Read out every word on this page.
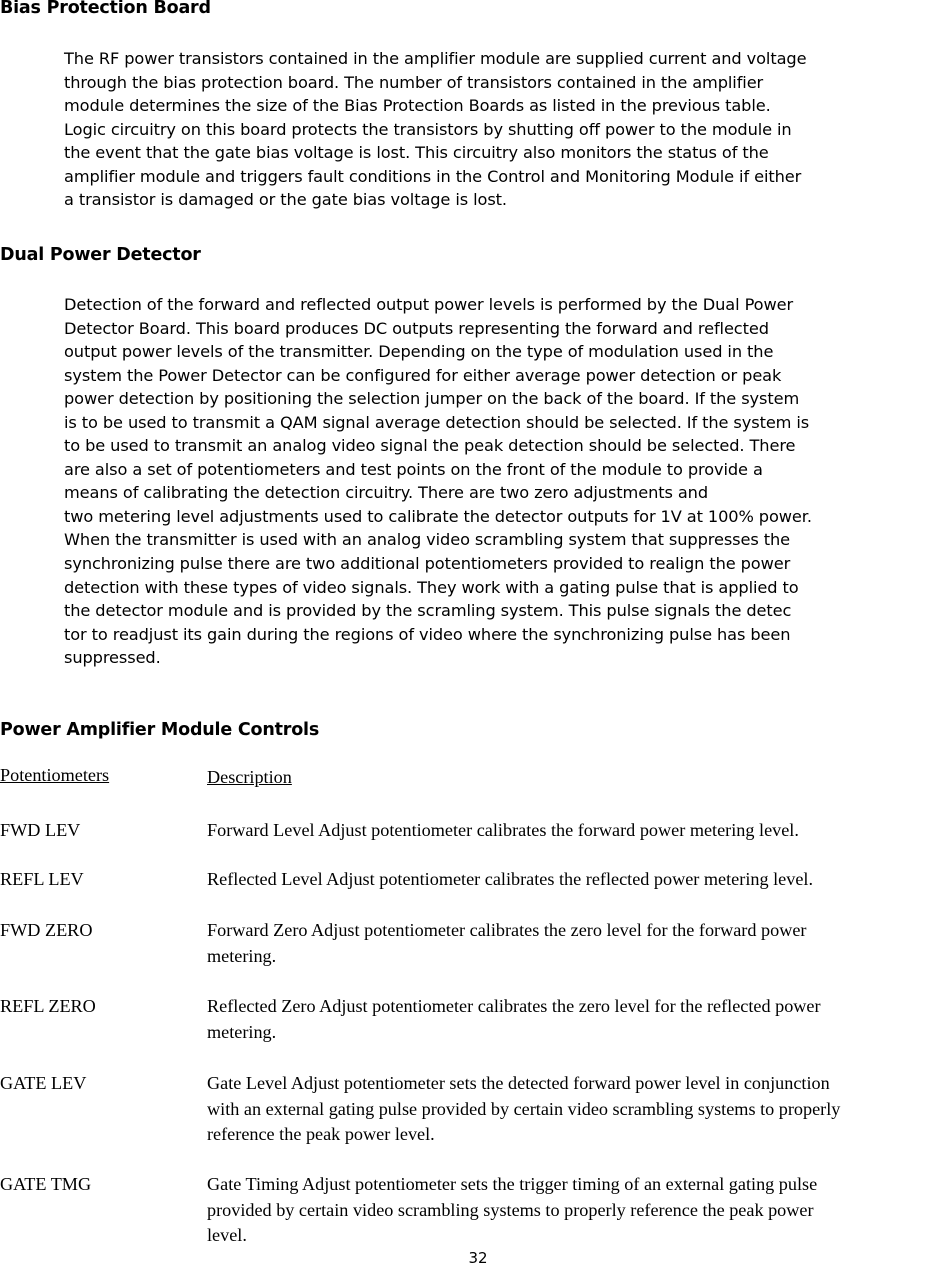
Bias Protection Board
The RF power transistors contained in the amplifier module are supplied current and voltage
through the bias protection board. The number of transistors contained in the amplifier
module determines the size of the Bias Protection Boards as listed in the previous table.
Logic circuitry on this board protects the transistors by shutting off power to the module in
the event that the gate bias voltage is lost. This circuitry also monitors the status of the
amplifier module and triggers fault conditions in the Control and Monitoring Module if either
a transistor is damaged or the gate bias voltage is lost.
Dual Power Detector
Detection of the forward and reflected output power levels is performed by the Dual Power
Detector Board. This board produces DC outputs representing the forward and reflected
output power levels of the transmitter. Depending on the type of modulation used in the
system the Power Detector can be configured for either average power detection or peak
power detection by positioning the selection jumper on the back of the board. If the system
is to be used to transmit a QAM signal average detection should be selected. If the system is
to be used to transmit an analog video signal the peak detection should be selected. There
are also a set of potentiometers and test points on the front of the module to provide a
means of calibrating the detection circuitry. There are two zero adjustments and
two metering level adjustments used to calibrate the detector outputs for 1V at 100% power.
When the transmitter is used with an analog video scrambling system that suppresses the
synchronizing pulse there are two additional potentiometers provided to realign the power
detection with these types of video signals. They work with a gating pulse that is applied to
the detector module and is provided by the scramling system. This pulse signals the detec
tor to readjust its gain during the regions of video where the synchronizing pulse has been
suppressed.
Power Amplifier Module Controls
Potentiometers	Description
FWD LEV	Forward Level Adjust potentiometer calibrates the forward power metering level.
REFL LEV	Reflected Level Adjust potentiometer calibrates the reflected power metering level.
FWD ZERO	Forward Zero Adjust potentiometer calibrates the zero level for the forward power
metering.
REFL ZERO	Reflected Zero Adjust potentiometer calibrates the zero level for the reflected power
metering.
GATE LEV	Gate Level Adjust potentiometer sets the detected forward power level in conjunction
with an external gating pulse provided by certain video scrambling systems to properly
reference the peak power level.
GATE TMG	Gate Timing Adjust potentiometer sets the trigger timing of an external gating pulse
provided by certain video scrambling systems to properly reference the peak power
level.
32
